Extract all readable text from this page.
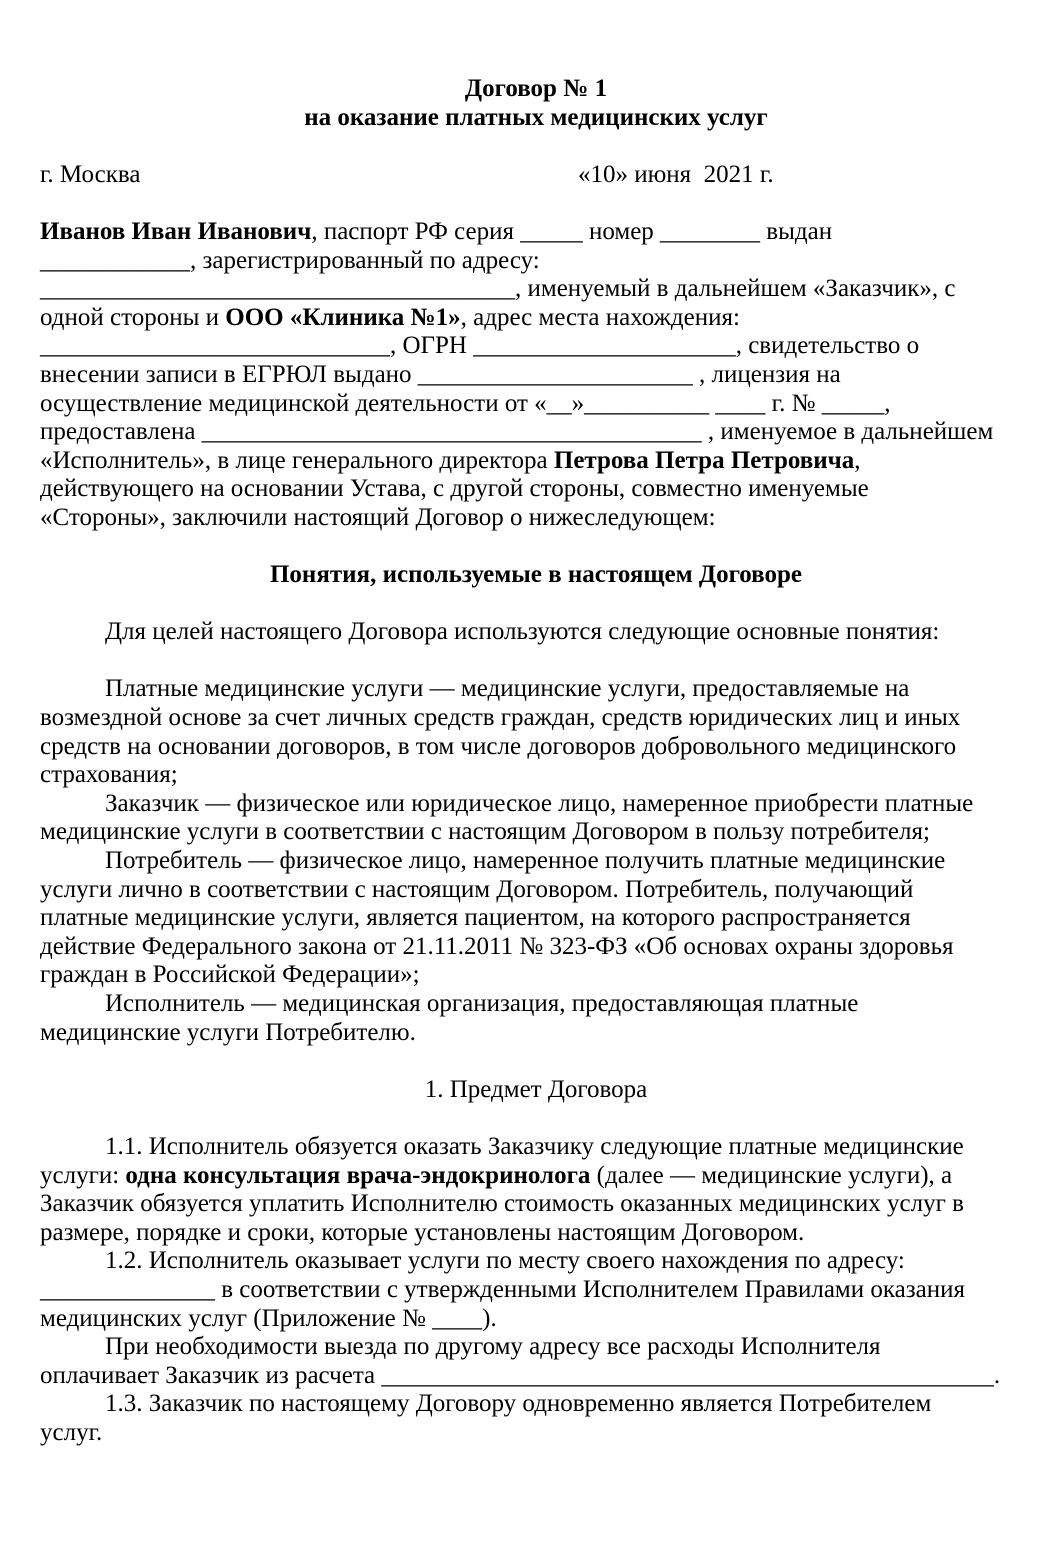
Договор № 1
на оказание платных медицинских услуг

г. Москва	«10» июня  2021 г.

Иванов Иван Иванович, паспорт РФ серия _____ номер ________ выдан
____________, зарегистрированный по адресу:
______________________________________, именуемый в дальнейшем «Заказчик», с
одной стороны и ООО «Клиника №1», адрес места нахождения:
____________________________, ОГРН _____________________, свидетельство о
внесении записи в ЕГРЮЛ выдано ______________________ , лицензия на
осуществление медицинской деятельности от «__»__________ ____ г. № _____,
предоставлена ________________________________________ , именуемое в дальнейшем
«Исполнитель», в лице генерального директора Петрова Петра Петровича,
действующего на основании Устава, с другой стороны, совместно именуемые
«Стороны», заключили настоящий Договор о нижеследующем:

Понятия, используемые в настоящем Договоре

Для целей настоящего Договора используются следующие основные понятия:

Платные медицинские услуги — медицинские услуги, предоставляемые на
возмездной основе за счет личных средств граждан, средств юридических лиц и иных
средств на основании договоров, в том числе договоров добровольного медицинского
страхования;
Заказчик — физическое или юридическое лицо, намеренное приобрести платные
медицинские услуги в соответствии с настоящим Договором в пользу потребителя;
Потребитель — физическое лицо, намеренное получить платные медицинские
услуги лично в соответствии с настоящим Договором. Потребитель, получающий
платные медицинские услуги, является пациентом, на которого распространяется
действие Федерального закона от 21.11.2011 № 323-ФЗ «Об основах охраны здоровья
граждан в Российской Федерации»;
Исполнитель — медицинская организация, предоставляющая платные
медицинские услуги Потребителю.

1. Предмет Договора

1.1. Исполнитель обязуется оказать Заказчику следующие платные медицинские
услуги: одна консультация врача-эндокринолога (далее — медицинские услуги), а
Заказчик обязуется уплатить Исполнителю стоимость оказанных медицинских услуг в
размере, порядке и сроки, которые установлены настоящим Договором.
1.2. Исполнитель оказывает услуги по месту своего нахождения по адресу:
______________ в соответствии с утвержденными Исполнителем Правилами оказания
медицинских услуг (Приложение № ____).
При необходимости выезда по другому адресу все расходы Исполнителя
оплачивает Заказчик из расчета _________________________________________________.
1.3. Заказчик по настоящему Договору одновременно является Потребителем
услуг.
